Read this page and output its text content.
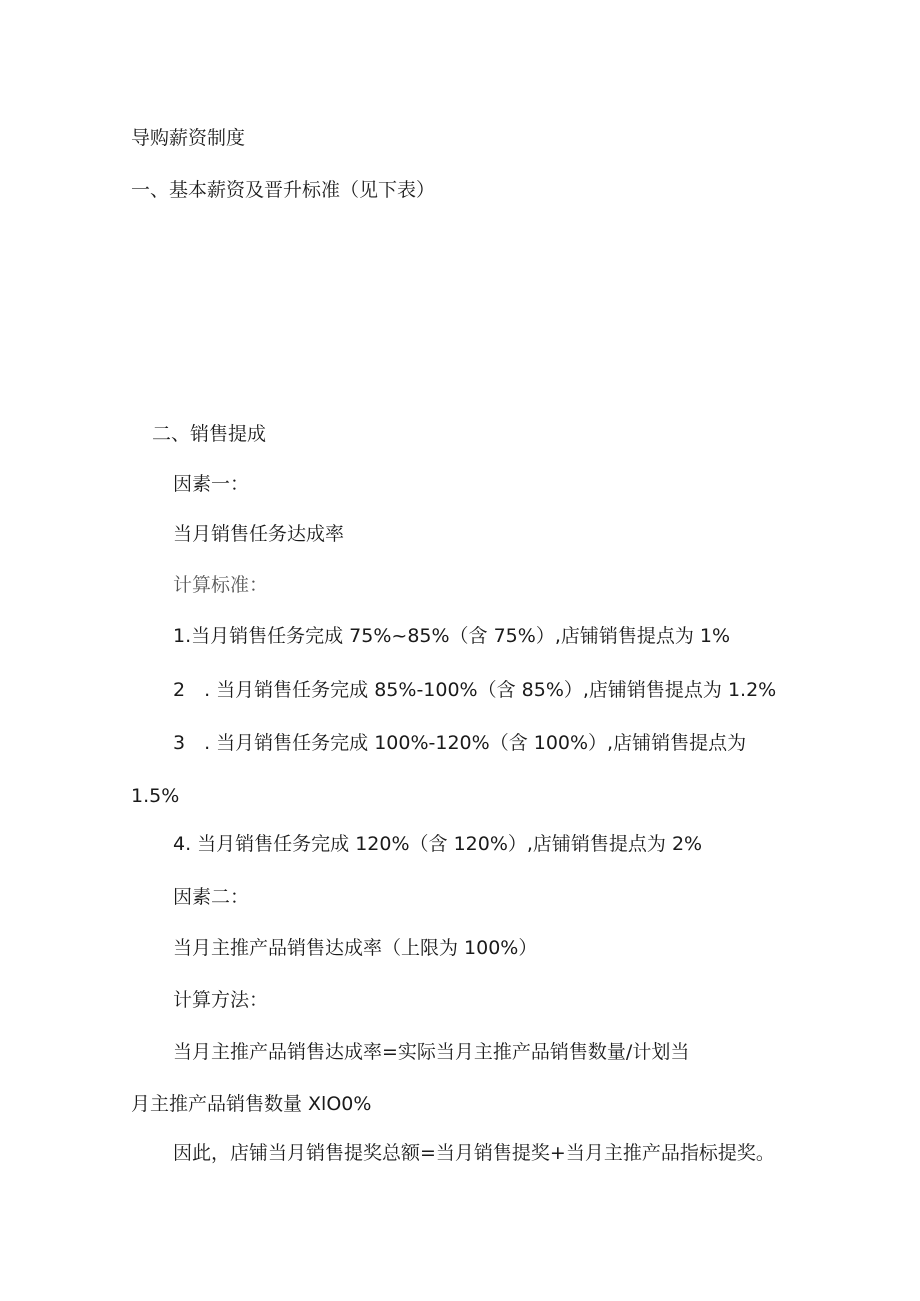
导购薪资制度

一、基本薪资及晋升标准（见下表）

二、销售提成

因素一：

当月销售任务达成率

计算标准：

1.当月销售任务完成 75%~85%（含 75%）,店铺销售提点为 1%

2　. 当月销售任务完成 85%-100%（含 85%）,店铺销售提点为 1.2%

3　. 当月销售任务完成 100%-120%（含 100%）,店铺销售提点为

1.5%

4. 当月销售任务完成 120%（含 120%）,店铺销售提点为 2%

因素二：

当月主推产品销售达成率（上限为 100%）

计算方法：

当月主推产品销售达成率=实际当月主推产品销售数量/计划当

月主推产品销售数量 XlO0%

因此，店铺当月销售提奖总额=当月销售提奖+当月主推产品指标提奖。
